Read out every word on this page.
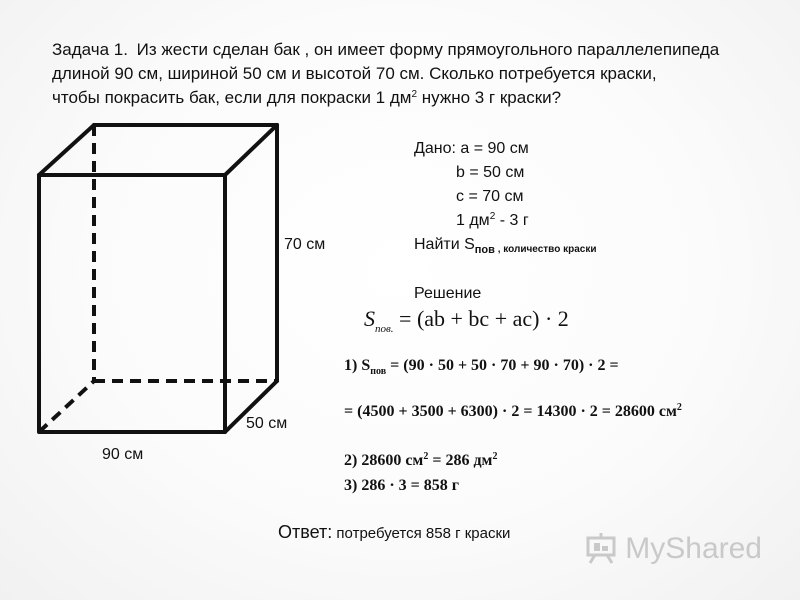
Задача 1. Из жести сделан бак , он имеет форму прямоугольного параллелепипеда
длиной 90 см, шириной 50 см и высотой 70 см. Сколько потребуется краски,
чтобы покрасить бак, если для покраски 1 $дм^2$ нужно 3 г краски?
70 см
50 см
90 см
Дано: a = 90 см
b = 50 см
c = 70 см
1 $дм^2 - 3$ г
Найти $S_{пов}$ , количество краски
Решение
$S_{пов.} = (ab$ + bc + ac) · 2
1) $S_{пов} = (90 \cdot 50 + 50 \cdot 70 + 90 \cdot 70) \cdot 2$ =
= (4500 + 3500 + 6300) · 2 = 14300 · 2 = 28600 $см^2$
2) 28600 $см^2 = 286$ $дм^2$
3) 286 · 3 = 858 г
Ответ: потребуется 858 г краски	MyShared
